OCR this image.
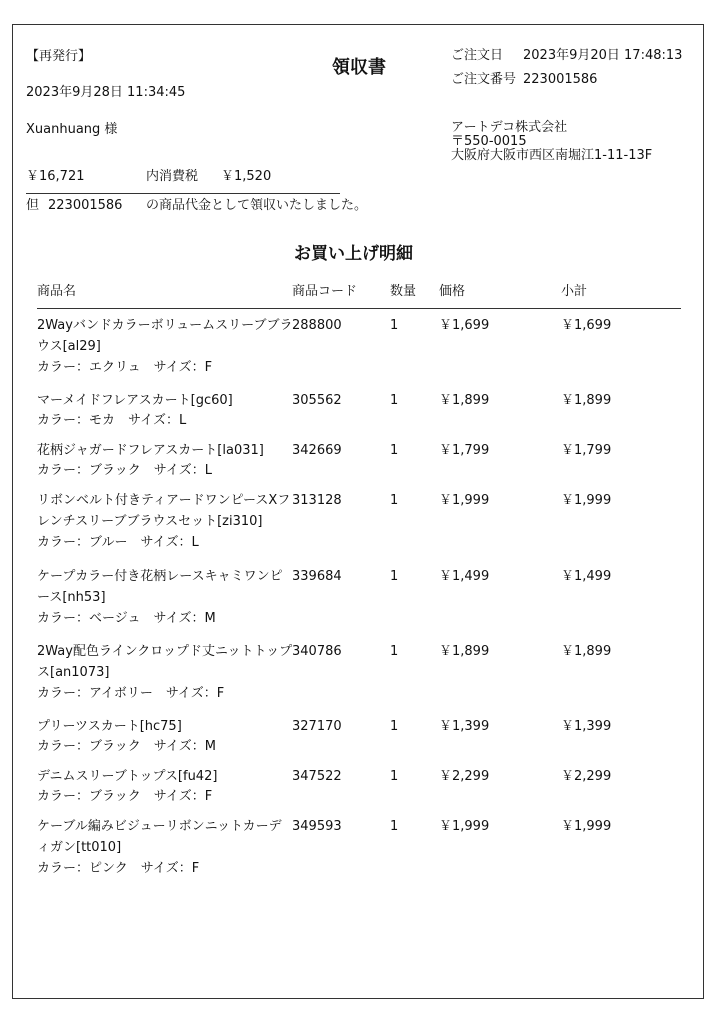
【再発行】
領収書
2023年9月28日 11:34:45
ご注文日 2023年9月20日 17:48:13
ご注文番号 223001586
Xuanhuang 様	アートデコ株式会社
〒550-0015
大阪府大阪市西区南堀江1-11-13F
￥16,721	内消費税 ￥1,520
但 223001586 の商品代金として領収いたしました。
お買い上げ明細
商品名	商品コード	数量 価格	小計
2Wayバンドカラーボリュームスリーブブラウス[al29]
288800	1	￥1,699	￥1,699
カラー：エクリュ　サイズ：F
マーメイドフレアスカート[gc60]	305562	1	￥1,899	￥1,899
カラー：モカ　サイズ：L
花柄ジャガードフレアスカート[la031]	342669	1	￥1,799	￥1,799
カラー：ブラック　サイズ：L
リボンベルト付きティアードワンピースXフレンチスリーブブラウスセット[zi310]
313128	1	￥1,999	￥1,999
カラー：ブルー　サイズ：L
ケープカラー付き花柄レースキャミワンピース[nh53]
339684	1	￥1,499	￥1,499
カラー：ベージュ　サイズ：M
2Way配色ラインクロップド丈ニットトップス[an1073]
340786	1	￥1,899	￥1,899
カラー：アイボリー　サイズ：F
プリーツスカート[hc75]	327170	1	￥1,399	￥1,399
カラー：ブラック　サイズ：M
デニムスリーブトップス[fu42]	347522	1	￥2,299	￥2,299
カラー：ブラック　サイズ：F
ケーブル編みビジューリボンニットカーディガン[tt010]
349593	1	￥1,999	￥1,999
カラー：ピンク　サイズ：F
